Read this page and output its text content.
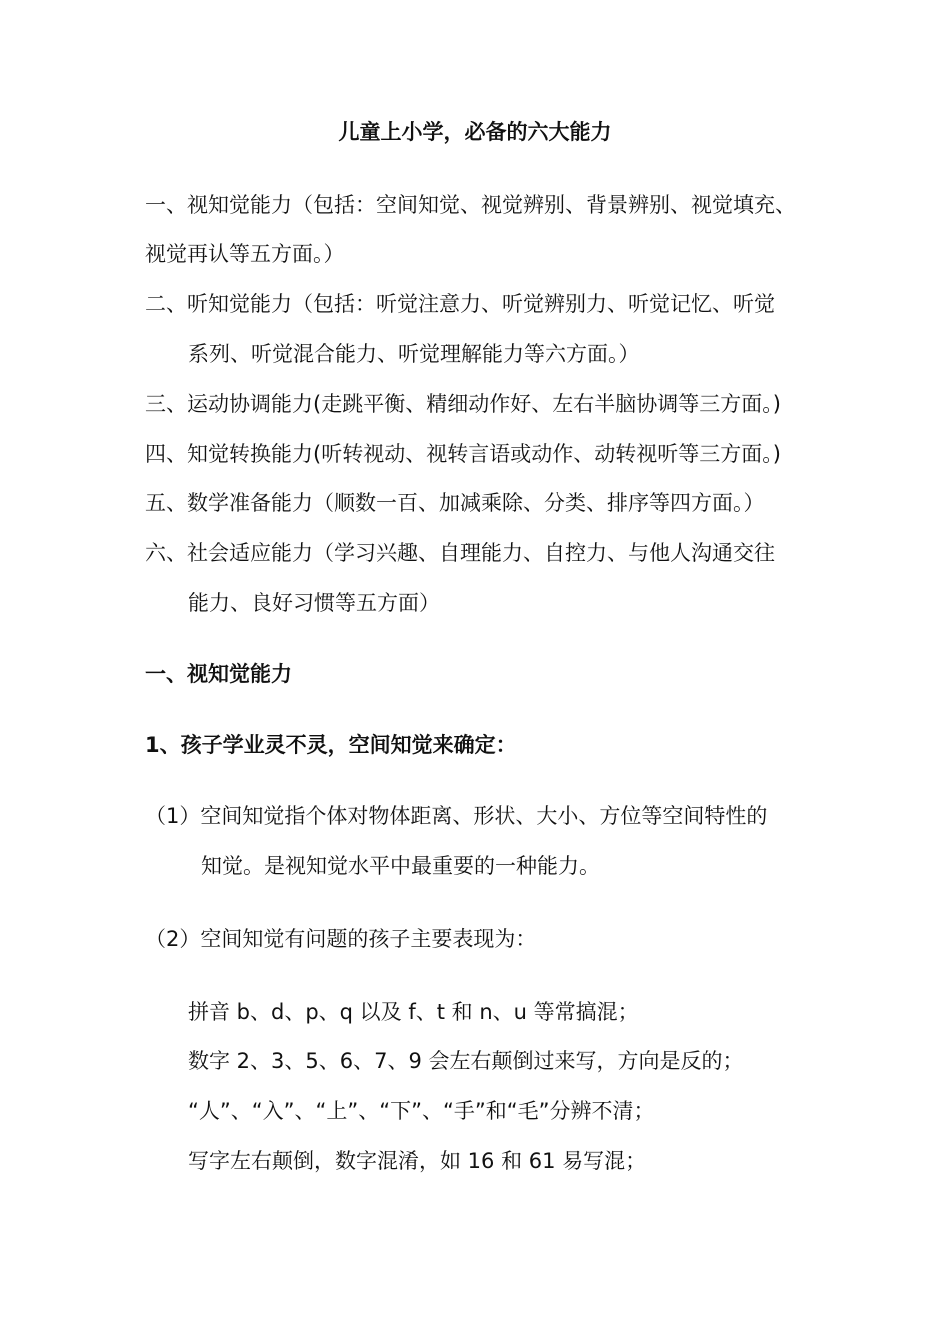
儿童上小学，必备的六大能力
一、视知觉能力（包括：空间知觉、视觉辨别、背景辨别、视觉填充、
视觉再认等五方面。）
二、听知觉能力（包括：听觉注意力、听觉辨别力、听觉记忆、听觉
系列、听觉混合能力、听觉理解能力等六方面。）
三、运动协调能力(走跳平衡、精细动作好、左右半脑协调等三方面。)
四、知觉转换能力(听转视动、视转言语或动作、动转视听等三方面。)
五、数学准备能力（顺数一百、加减乘除、分类、排序等四方面。）
六、社会适应能力（学习兴趣、自理能力、自控力、与他人沟通交往
能力、良好习惯等五方面）
一、视知觉能力
1、孩子学业灵不灵，空间知觉来确定：
（1）空间知觉指个体对物体距离、形状、大小、方位等空间特性的
知觉。是视知觉水平中最重要的一种能力。
（2）空间知觉有问题的孩子主要表现为：
拼音 b、d、p、q 以及 f、t 和 n、u 等常搞混；
数字 2、3、5、6、7、9 会左右颠倒过来写，方向是反的；
“人”、“入”、“上”、“下”、“手”和“毛”分辨不清；
写字左右颠倒，数字混淆，如 16 和 61 易写混；
